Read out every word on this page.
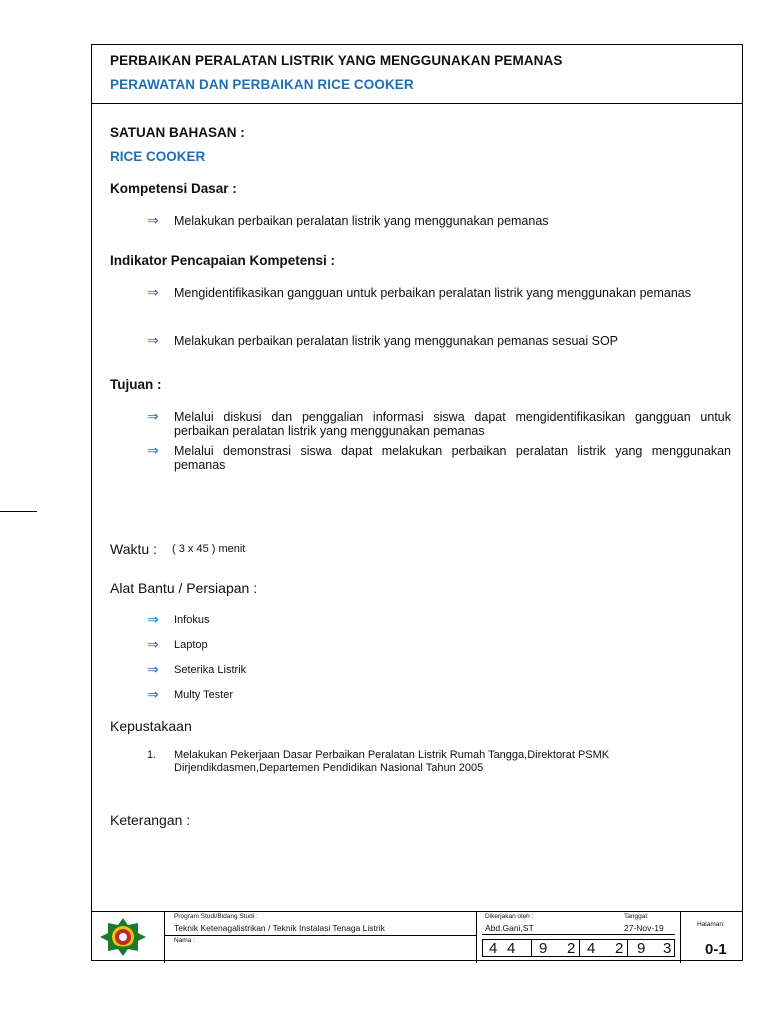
PERBAIKAN PERALATAN LISTRIK YANG MENGGUNAKAN PEMANAS
PERAWATAN DAN PERBAIKAN RICE COOKER
SATUAN BAHASAN :
RICE COOKER
Kompetensi Dasar :
⇒ Melakukan perbaikan peralatan listrik yang menggunakan pemanas
Indikator Pencapaian Kompetensi :
⇒ Mengidentifikasikan gangguan untuk perbaikan peralatan listrik yang menggunakan pemanas
⇒ Melakukan perbaikan peralatan listrik yang menggunakan pemanas sesuai SOP
Tujuan :
⇒ Melalui diskusi dan penggalian informasi siswa dapat mengidentifikasikan gangguan untuk perbaikan peralatan listrik yang menggunakan pemanas
⇒ Melalui demonstrasi siswa dapat melakukan perbaikan peralatan listrik yang menggunakan pemanas
Waktu : ( 3 x 45 ) menit
Alat Bantu / Persiapan :
⇒ Infokus
⇒ Laptop
⇒ Seterika Listrik
⇒ Multy Tester
Kepustakaan
1. Melakukan Pekerjaan Dasar Perbaikan Peralatan Listrik Rumah Tangga,Direktorat PSMK Dirjendikdasmen,Departemen Pendidikan Nasional Tahun 2005
Keterangan :
Program Studi/Bidang Studi :
Teknik Ketenagalistrikan / Teknik Instalasi Tenaga Listrik
Nama :
Dikerjakan oleh :
Abd.Gani,ST
Tanggal:
27-Nov-19
4 4 9 2 4 2 9 3
Halaman:
0-1
